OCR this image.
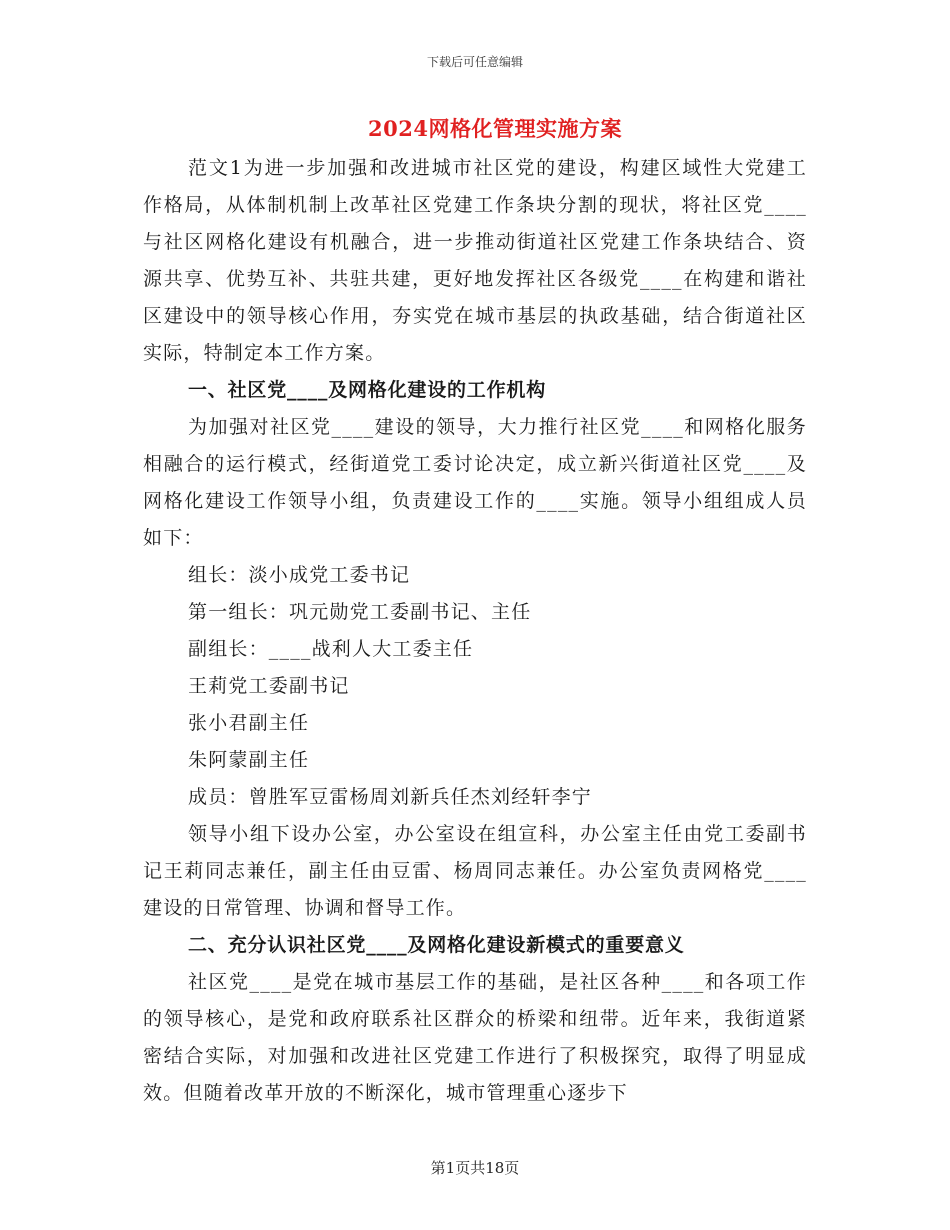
下载后可任意编辑
2024网格化管理实施方案

范文1为进一步加强和改进城市社区党的建设，构建区域性大党建工作格局，从体制机制上改革社区党建工作条块分割的现状，将社区党____与社区网格化建设有机融合，进一步推动街道社区党建工作条块结合、资源共享、优势互补、共驻共建，更好地发挥社区各级党____在构建和谐社区建设中的领导核心作用，夯实党在城市基层的执政基础，结合街道社区实际，特制定本工作方案。

一、社区党____及网格化建设的工作机构

为加强对社区党____建设的领导，大力推行社区党____和网格化服务相融合的运行模式，经街道党工委讨论决定，成立新兴街道社区党____及网格化建设工作领导小组，负责建设工作的____实施。领导小组组成人员如下：

组长：淡小成党工委书记

第一组长：巩元勋党工委副书记、主任

副组长：____战利人大工委主任

王莉党工委副书记

张小君副主任

朱阿蒙副主任

成员：曾胜军豆雷杨周刘新兵任杰刘经轩李宁

领导小组下设办公室，办公室设在组宣科，办公室主任由党工委副书记王莉同志兼任，副主任由豆雷、杨周同志兼任。办公室负责网格党____建设的日常管理、协调和督导工作。

二、充分认识社区党____及网格化建设新模式的重要意义

社区党____是党在城市基层工作的基础，是社区各种____和各项工作的领导核心，是党和政府联系社区群众的桥梁和纽带。近年来，我街道紧密结合实际，对加强和改进社区党建工作进行了积极探究，取得了明显成效。但随着改革开放的不断深化，城市管理重心逐步下

第1页共18页
